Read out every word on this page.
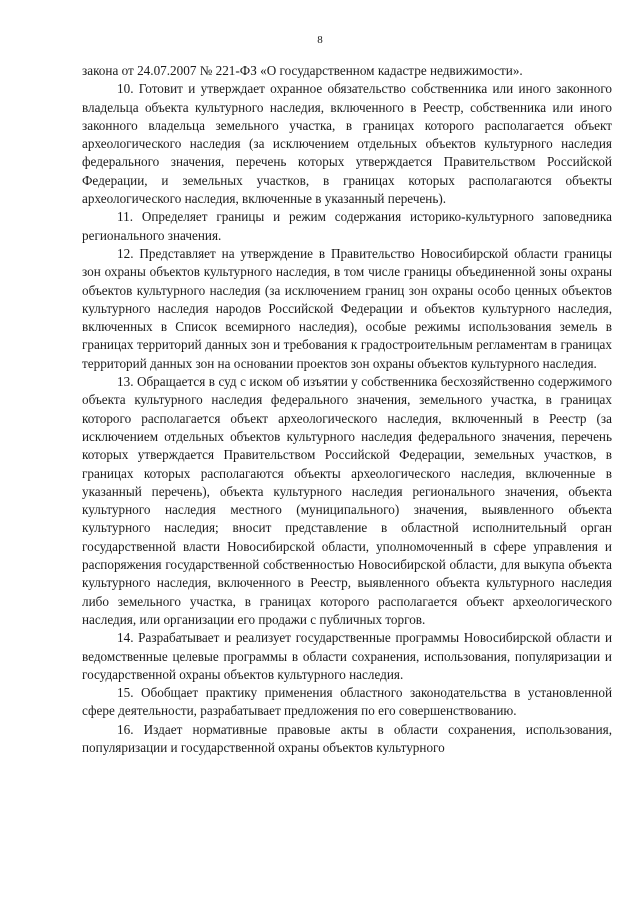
8

закона от 24.07.2007 № 221-ФЗ «О государственном кадастре недвижимости».

10. Готовит и утверждает охранное обязательство собственника или иного законного владельца объекта культурного наследия, включенного в Реестр, собственника или иного законного владельца земельного участка, в границах которого располагается объект археологического наследия (за исключением отдельных объектов культурного наследия федерального значения, перечень которых утверждается Правительством Российской Федерации, и земельных участков, в границах которых располагаются объекты археологического наследия, включенные в указанный перечень).

11. Определяет границы и режим содержания историко-культурного заповедника регионального значения.

12. Представляет на утверждение в Правительство Новосибирской области границы зон охраны объектов культурного наследия, в том числе границы объединенной зоны охраны объектов культурного наследия (за исключением границ зон охраны особо ценных объектов культурного наследия народов Российской Федерации и объектов культурного наследия, включенных в Список всемирного наследия), особые режимы использования земель в границах территорий данных зон и требования к градостроительным регламентам в границах территорий данных зон на основании проектов зон охраны объектов культурного наследия.

13. Обращается в суд с иском об изъятии у собственника бесхозяйственно содержимого объекта культурного наследия федерального значения, земельного участка, в границах которого располагается объект археологического наследия, включенный в Реестр (за исключением отдельных объектов культурного наследия федерального значения, перечень которых утверждается Правительством Российской Федерации, земельных участков, в границах которых располагаются объекты археологического наследия, включенные в указанный перечень), объекта культурного наследия регионального значения, объекта культурного наследия местного (муниципального) значения, выявленного объекта культурного наследия; вносит представление в областной исполнительный орган государственной власти Новосибирской области, уполномоченный в сфере управления и распоряжения государственной собственностью Новосибирской области, для выкупа объекта культурного наследия, включенного в Реестр, выявленного объекта культурного наследия либо земельного участка, в границах которого располагается объект археологического наследия, или организации его продажи с публичных торгов.

14. Разрабатывает и реализует государственные программы Новосибирской области и ведомственные целевые программы в области сохранения, использования, популяризации и государственной охраны объектов культурного наследия.

15. Обобщает практику применения областного законодательства в установленной сфере деятельности, разрабатывает предложения по его совершенствованию.

16. Издает нормативные правовые акты в области сохранения, использования, популяризации и государственной охраны объектов культурного
